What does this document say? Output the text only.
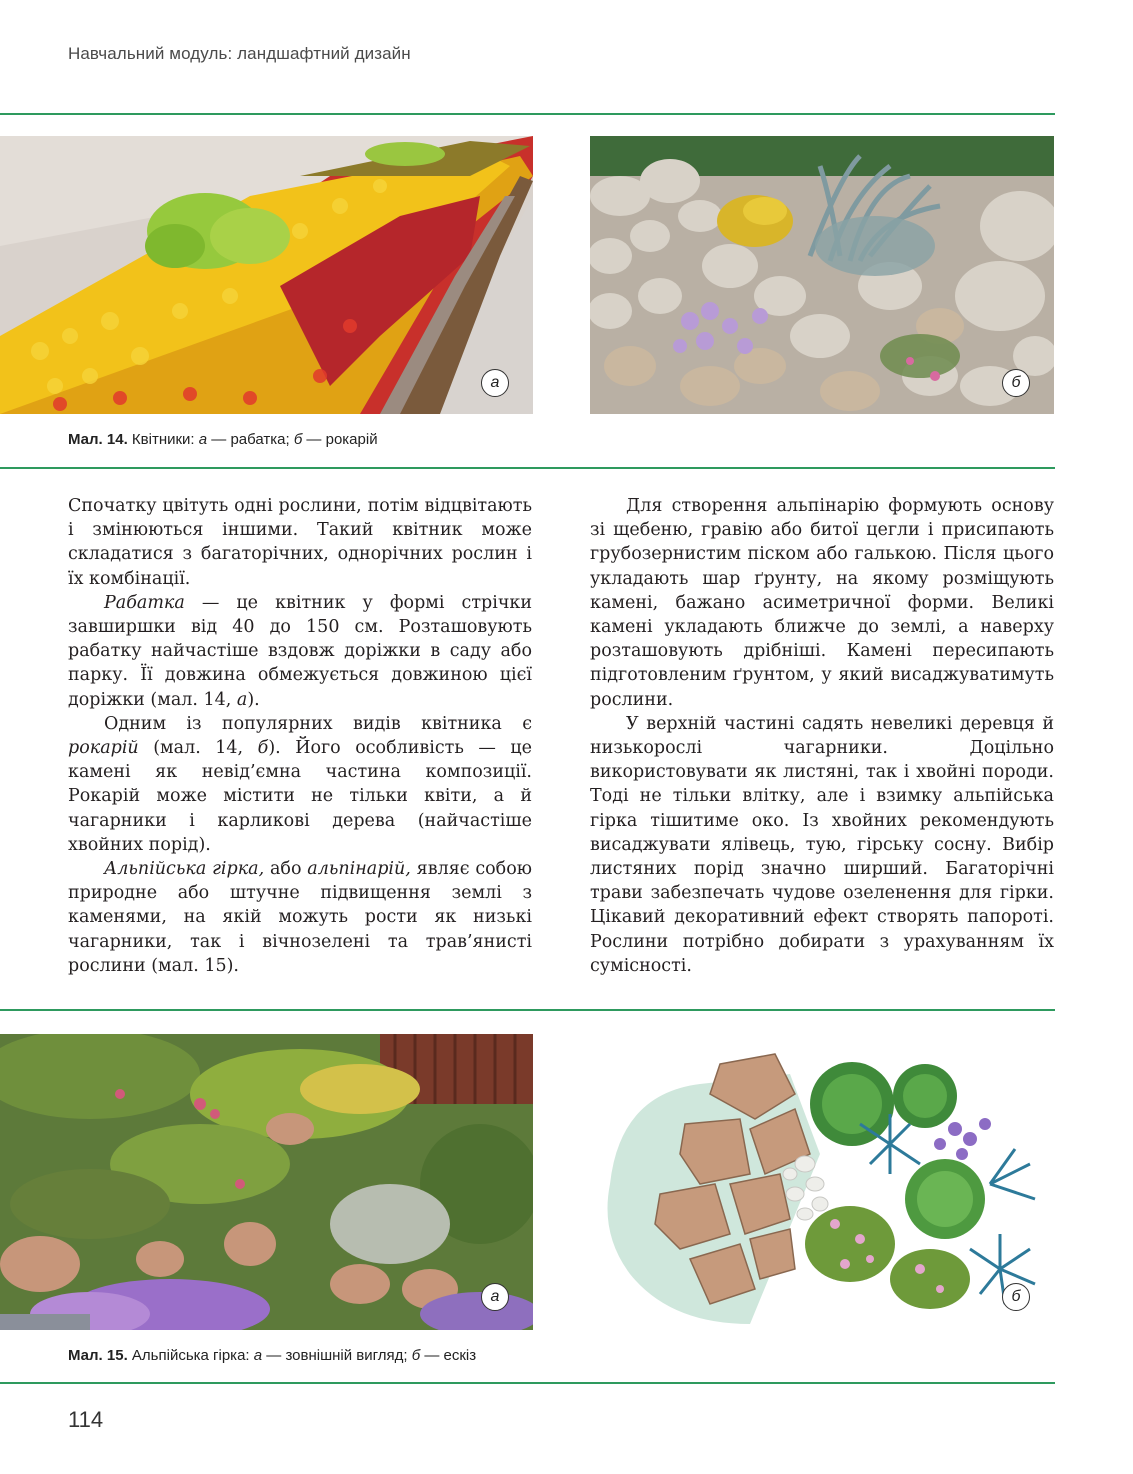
Навчальний модуль: ландшафтний дизайн
а	б
Мал. 14. Квітники: а — рабатка; б — рокарій

Спочатку цвітуть одні рослини, потім відцвітають і змінюються іншими. Такий квітник може складатися з багаторічних, однорічних рослин і їх комбінації.

Рабатка — це квітник у формі стрічки завширшки від 40 до 150 см. Розташовують рабатку найчастіше вздовж доріжки в саду або парку. Її довжина обмежується довжиною цієї доріжки (мал. 14, а).

Одним із популярних видів квітника є рокарій (мал. 14, б). Його особливість — це камені як невід’ємна частина композиції. Рокарій може містити не тільки квіти, а й чагарники і карликові дерева (найчастіше хвойних порід).

Альпійська гірка, або альпінарій, являє собою природне або штучне підвищення землі з каменями, на якій можуть рости як низькі чагарники, так і вічнозелені та трав’янисті рослини (мал. 15).

Для створення альпінарію формують основу зі щебеню, гравію або битої цегли і присипають грубозернистим піском або галькою. Після цього укладають шар ґрунту, на якому розміщують камені, бажано асиметричної форми. Великі камені укладають ближче до землі, а наверху розташовують дрібніші. Камені пересипають підготовленим ґрунтом, у який висаджуватимуть рослини.

У верхній частині садять невеликі деревця й низькорослі чагарники. Доцільно використовувати як листяні, так і хвойні породи. Тоді не тільки влітку, але і взимку альпійська гірка тішитиме око. Із хвойних рекомендують висаджувати ялівець, тую, гірську сосну. Вибір листяних порід значно ширший. Багаторічні трави забезпечать чудове озеленення для гірки. Цікавий декоративний ефект створять папороті. Рослини потрібно добирати з урахуванням їх сумісності.

а	б
Мал. 15. Альпійська гірка: а — зовнішній вигляд; б — ескіз
114
